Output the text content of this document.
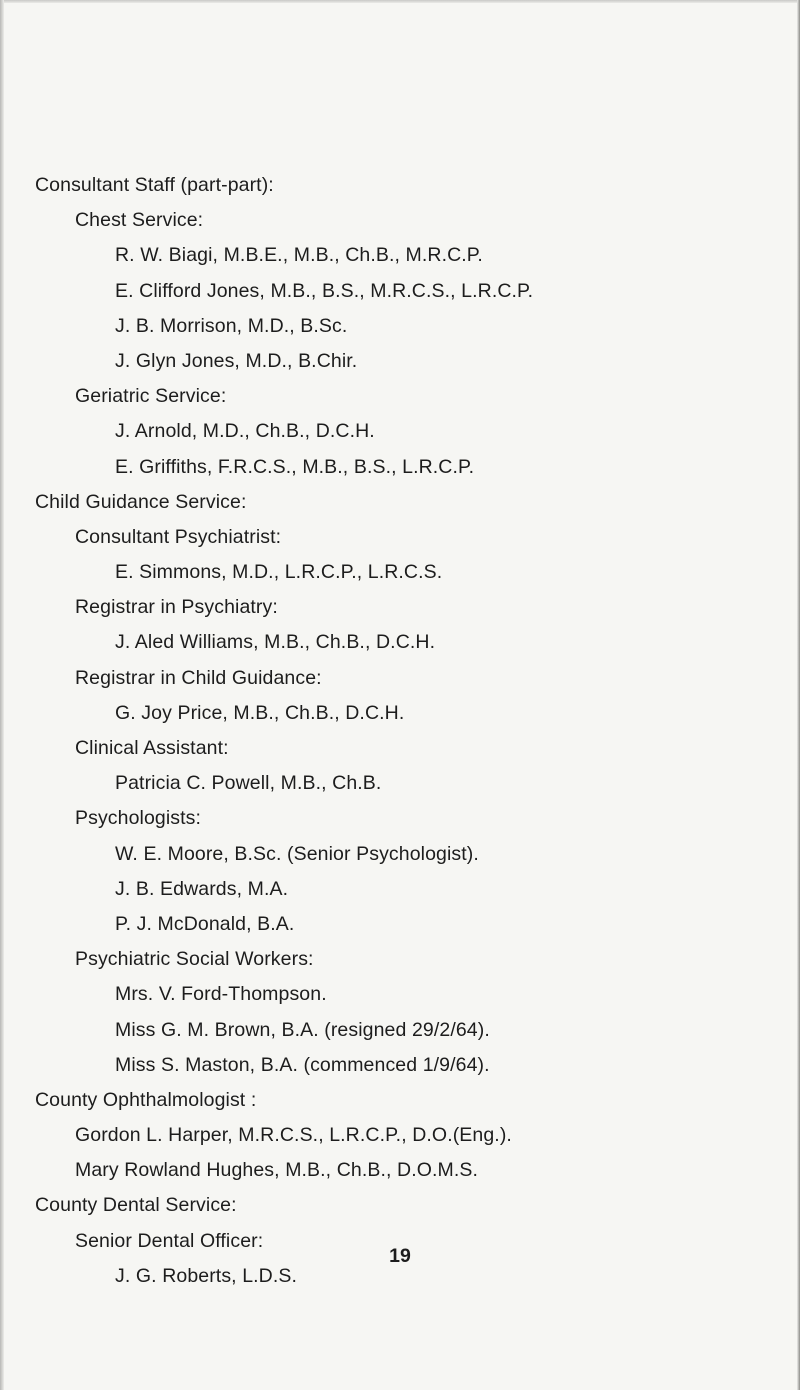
Consultant Staff (part-part):
Chest Service:
R. W. Biagi, M.B.E., M.B., Ch.B., M.R.C.P.
E. Clifford Jones, M.B., B.S., M.R.C.S., L.R.C.P.
J. B. Morrison, M.D., B.Sc.
J. Glyn Jones, M.D., B.Chir.
Geriatric Service:
J. Arnold, M.D., Ch.B., D.C.H.
E. Griffiths, F.R.C.S., M.B., B.S., L.R.C.P.
Child Guidance Service:
Consultant Psychiatrist:
E. Simmons, M.D., L.R.C.P., L.R.C.S.
Registrar in Psychiatry:
J. Aled Williams, M.B., Ch.B., D.C.H.
Registrar in Child Guidance:
G. Joy Price, M.B., Ch.B., D.C.H.
Clinical Assistant:
Patricia C. Powell, M.B., Ch.B.
Psychologists:
W. E. Moore, B.Sc. (Senior Psychologist).
J. B. Edwards, M.A.
P. J. McDonald, B.A.
Psychiatric Social Workers:
Mrs. V. Ford-Thompson.
Miss G. M. Brown, B.A. (resigned 29/2/64).
Miss S. Maston, B.A. (commenced 1/9/64).
County Ophthalmologist :
Gordon L. Harper, M.R.C.S., L.R.C.P., D.O.(Eng.).
Mary Rowland Hughes, M.B., Ch.B., D.O.M.S.
County Dental Service:
Senior Dental Officer:
J. G. Roberts, L.D.S.
19
